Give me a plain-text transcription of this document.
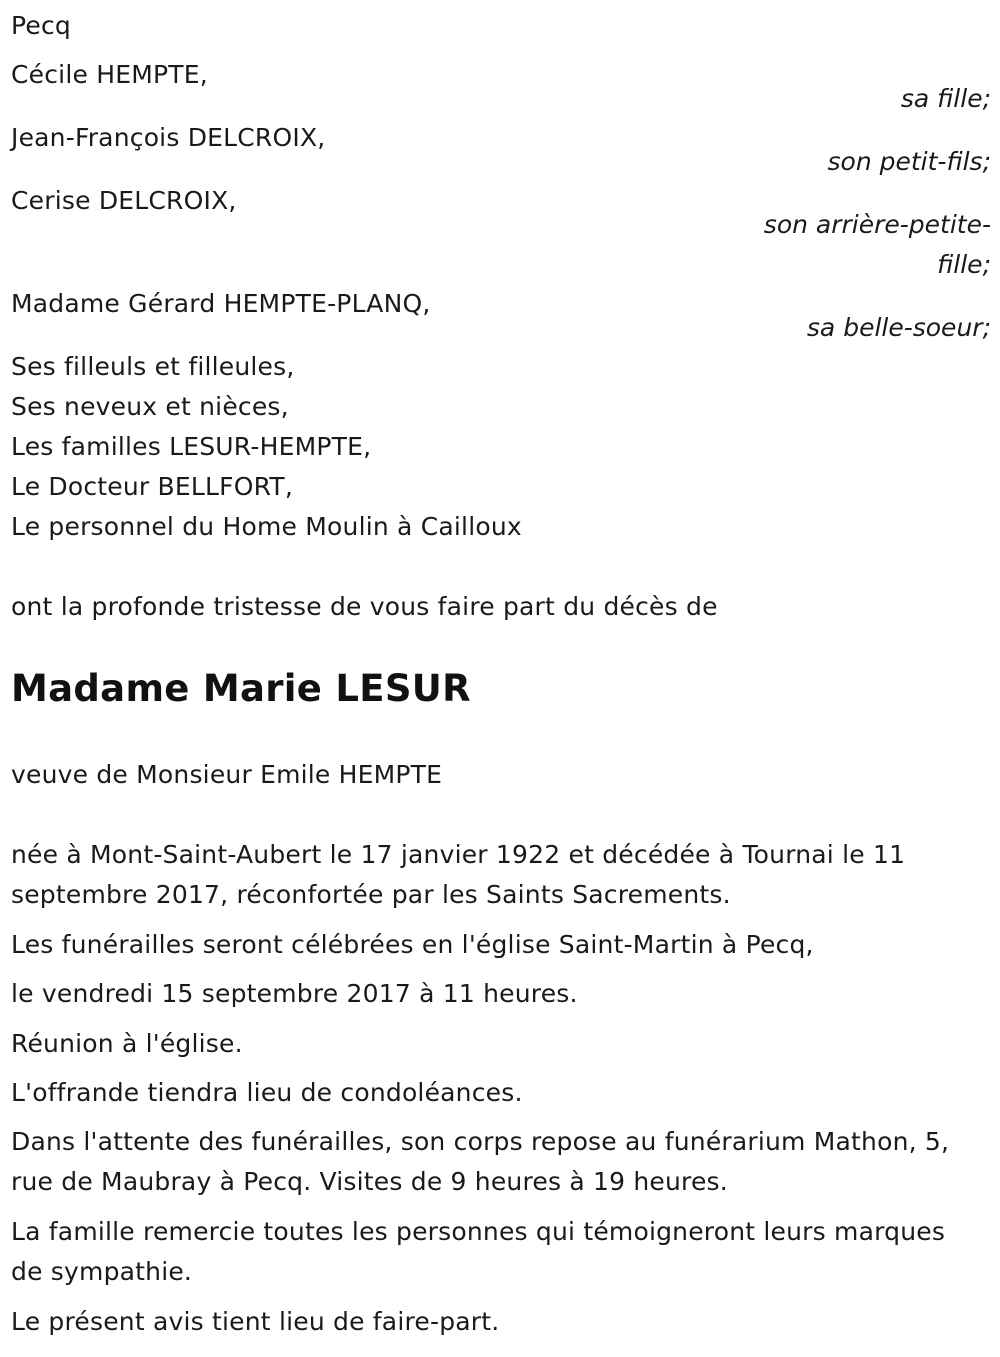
Pecq
Cécile HEMPTE,
sa fille;
Jean-François DELCROIX,
son petit-fils;
Cerise DELCROIX,
son arrière-petite-fille;
Madame Gérard HEMPTE-PLANQ,
sa belle-soeur;
Ses filleuls et filleules,
Ses neveux et nièces,
Les familles LESUR-HEMPTE,
Le Docteur BELLFORT,
Le personnel du Home Moulin à Cailloux
ont la profonde tristesse de vous faire part du décès de
Madame Marie LESUR
veuve de Monsieur Emile HEMPTE
née à Mont-Saint-Aubert le 17 janvier 1922 et décédée à Tournai le 11 septembre 2017, réconfortée par les Saints Sacrements.
Les funérailles seront célébrées en l'église Saint-Martin à Pecq,
le vendredi 15 septembre 2017 à 11 heures.
Réunion à l'église.
L'offrande tiendra lieu de condoléances.
Dans l'attente des funérailles, son corps repose au funérarium Mathon, 5, rue de Maubray à Pecq. Visites de 9 heures à 19 heures.
La famille remercie toutes les personnes qui témoigneront leurs marques de sympathie.
Le présent avis tient lieu de faire-part.
